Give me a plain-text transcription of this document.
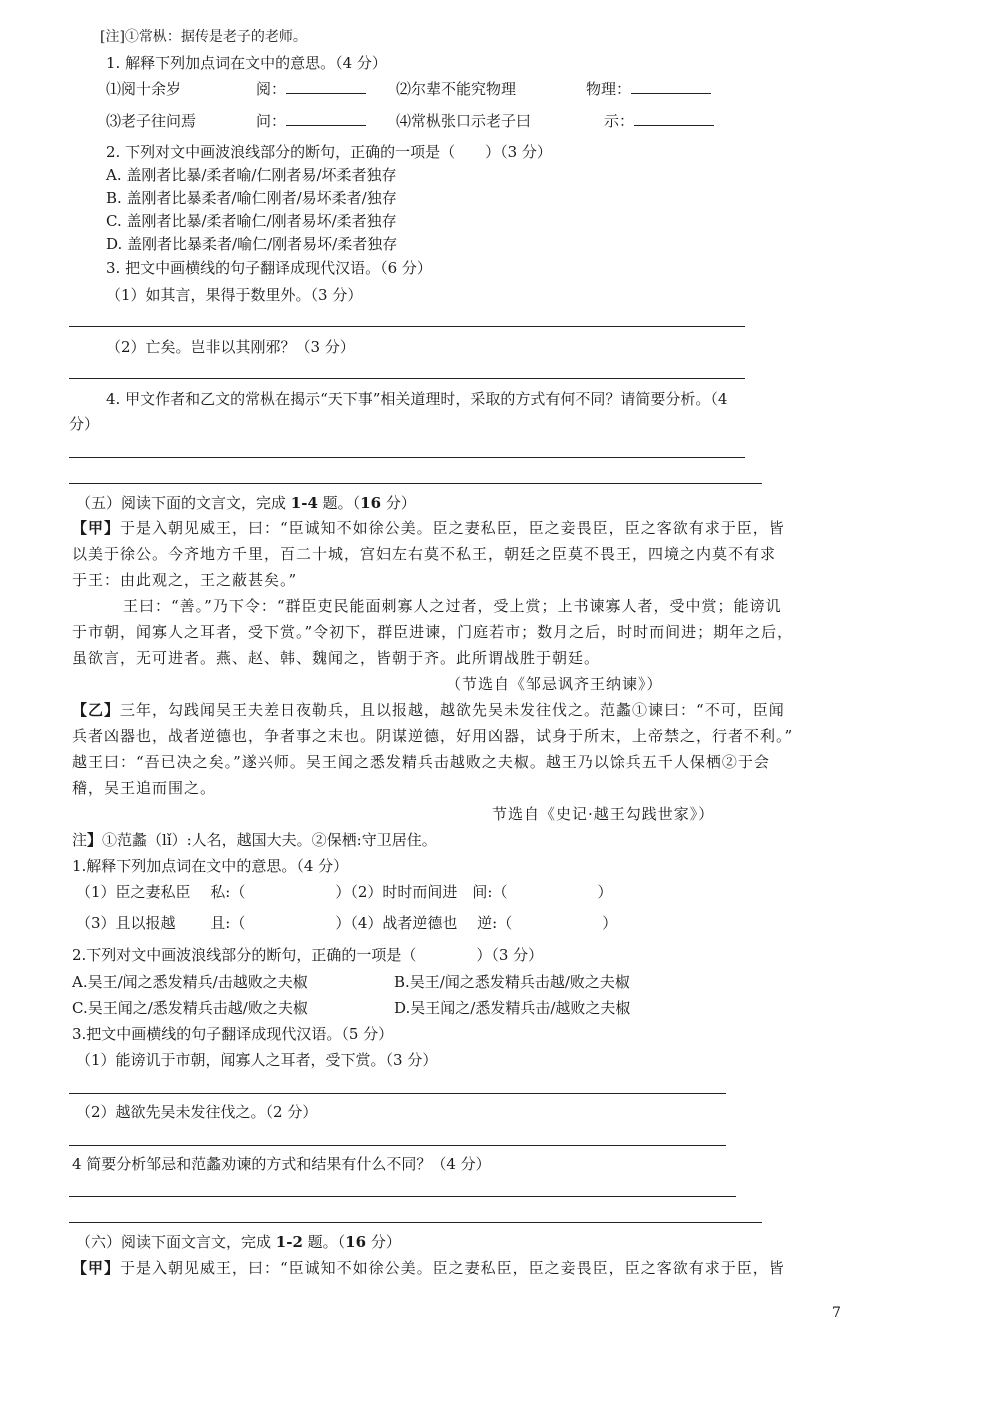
[注]①常枞：据传是老子的老师。
1. 解释下列加点词在文中的意思。（4 分）
⑴阅十余岁	阅：	⑵尔辈不能究物理	物理：
⑶老子往问焉	问：	⑷常枞张口示老子曰	示：
2. 下列对文中画波浪线部分的断句，正确的一项是（　　）（3 分）
A. 盖刚者比暴/柔者喻/仁刚者易/坏柔者独存
B. 盖刚者比暴柔者/喻仁刚者/易坏柔者/独存
C. 盖刚者比暴/柔者喻仁/刚者易坏/柔者独存
D. 盖刚者比暴柔者/喻仁/刚者易坏/柔者独存
3. 把文中画横线的句子翻译成现代汉语。（6 分）
（1）如其言，果得于数里外。（3 分）
（2）亡矣。岂非以其刚邪？（3 分）
4. 甲文作者和乙文的常枞在揭示“天下事”相关道理时，采取的方式有何不同？请简要分析。（4
分）
（五）阅读下面的文言文，完成 1-4 题。（16 分）
【甲】于是入朝见威王，曰：“臣诚知不如徐公美。臣之妻私臣，臣之妾畏臣，臣之客欲有求于臣，皆
以美于徐公。今齐地方千里，百二十城，宫妇左右莫不私王，朝廷之臣莫不畏王，四境之内莫不有求
于王：由此观之，王之蔽甚矣。”
王曰：“善。”乃下令：“群臣吏民能面刺寡人之过者，受上赏；上书谏寡人者，受中赏；能谤讥
于市朝，闻寡人之耳者，受下赏。”令初下，群臣进谏，门庭若市；数月之后，时时而间进；期年之后，
虽欲言，无可进者。燕、赵、韩、魏闻之，皆朝于齐。此所谓战胜于朝廷。
（节选自《邹忌讽齐王纳谏》）
【乙】三年，勾践闻吴王夫差日夜勒兵，且以报越，越欲先吴未发往伐之。范蠡①谏曰：“不可，臣闻
兵者凶器也，战者逆德也，争者事之末也。阴谋逆德，好用凶器，试身于所末，上帝禁之，行者不利。”
越王曰：“吾已决之矣。”遂兴师。吴王闻之悉发精兵击越败之夫椒。越王乃以馀兵五千人保栖②于会
稽，吴王追而围之。
节选自《史记·越王勾践世家》）
注】①范蠡（lǐ）:人名，越国大夫。②保栖:守卫居住。
1.解释下列加点词在文中的意思。（4 分）
（1）臣之妻私臣　 私:（　　　　　　）（2）时时而间进　间:（　　　　　　）
（3）且以报越　　 且:（　　　　　　）（4）战者逆德也　 逆:（　　　　　　）
2.下列对文中画波浪线部分的断句，正确的一项是（　　　　）（3 分）
A.吴王/闻之悉发精兵/击越败之夫椒	B.吴王/闻之悉发精兵击越/败之夫椒
C.吴王闻之/悉发精兵击越/败之夫椒	D.吴王闻之/悉发精兵击/越败之夫椒
3.把文中画横线的句子翻译成现代汉语。（5 分）
（1）能谤讥于市朝，闻寡人之耳者，受下赏。（3 分）
（2）越欲先吴未发往伐之。（2 分）
4 简要分析邹忌和范蠡劝谏的方式和结果有什么不同？（4 分）
（六）阅读下面文言文，完成 1-2 题。（16 分）
【甲】于是入朝见威王，曰：“臣诚知不如徐公美。臣之妻私臣，臣之妾畏臣，臣之客欲有求于臣，皆
7
